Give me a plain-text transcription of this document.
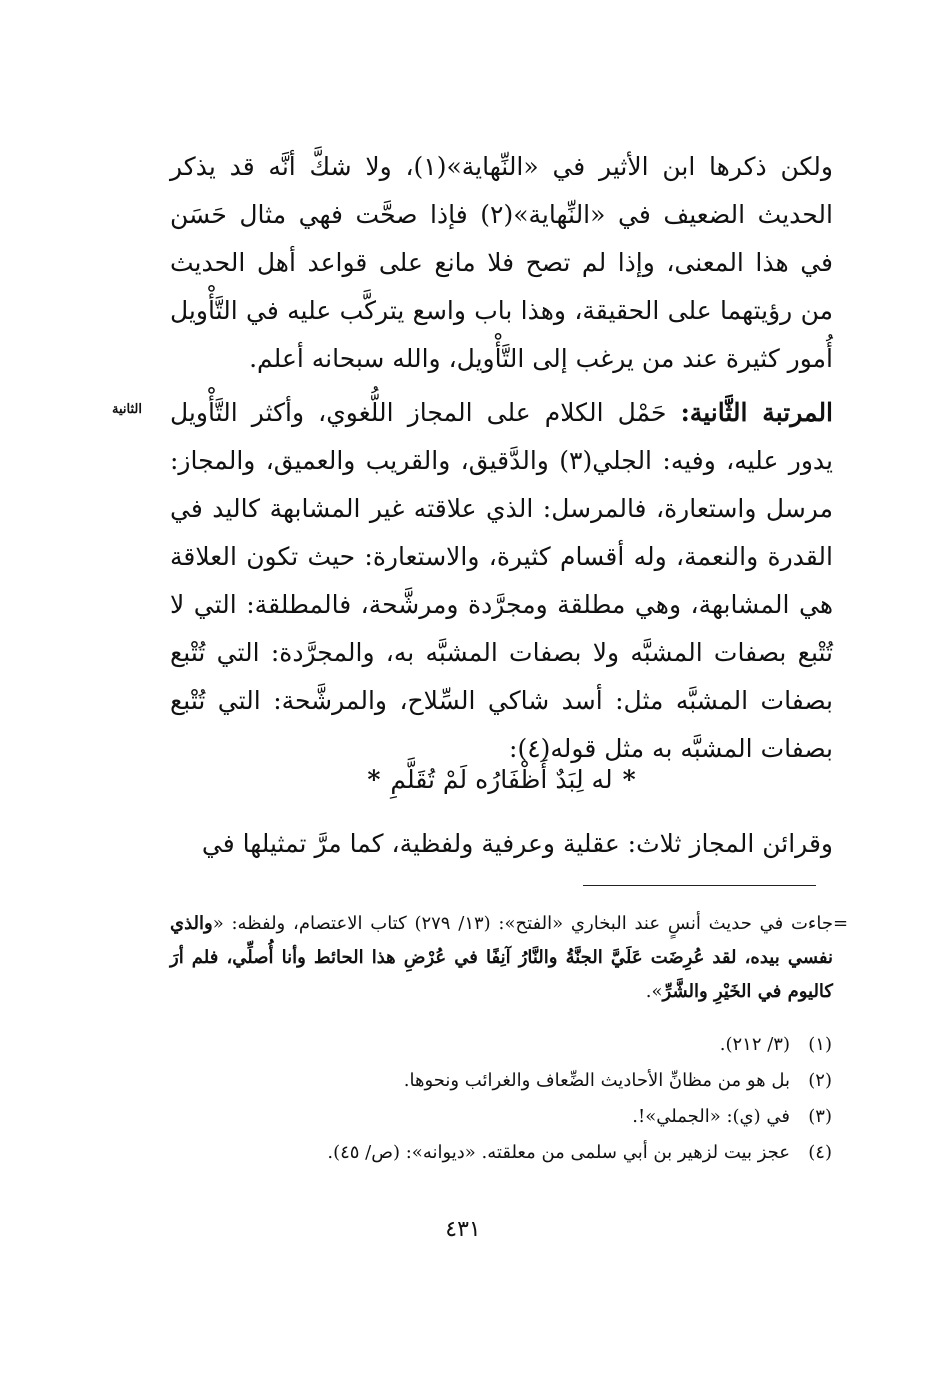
ولكن ذكرها ابن الأثير في «النِّهاية»(١)، ولا شكَّ أنَّه قد يذكر الحديث الضعيف في «النِّهاية»(٢) فإذا صحَّت فهي مثال حَسَن في هذا المعنى، وإذا لم تصح فلا مانع على قواعد أهل الحديث من رؤيتهما على الحقيقة، وهذا باب واسع يتركَّب عليه في التَّأْويل أُمور كثيرة عند من يرغب إلى التَّأْويل، والله سبحانه أعلم.

الثانية	المرتبة الثَّانية: حَمْل الكلام على المجاز اللُّغوي، وأكثر التَّأْويل يدور عليه، وفيه: الجلي(٣) والدَّقيق، والقريب والعميق، والمجاز: مرسل واستعارة، فالمرسل: الذي علاقته غير المشابهة كاليد في القدرة والنعمة، وله أقسام كثيرة، والاستعارة: حيث تكون العلاقة هي المشابهة، وهي مطلقة ومجرَّدة ومرشَّحة، فالمطلقة: التي لا تُتْبع بصفات المشبَّه ولا بصفات المشبَّه به، والمجرَّدة: التي تُتْبع بصفات المشبَّه مثل: أسد شاكي السِّلاح، والمرشَّحة: التي تُتْبع بصفات المشبَّه به مثل قوله(٤):

*له لِبَدٌ أَظْفَارُه لَمْ تُقَلَّمِ*

وقرائن المجاز ثلاث: عقلية وعرفية ولفظية، كما مرَّ تمثيلها في

=

جاءت في حديث أنسٍ عند البخاري «الفتح»: (١٣/ ٢٧٩) كتاب الاعتصام، ولفظه: «والذي نفسي بيده، لقد عُرِضَت عَلَيَّ الجنَّةُ والنَّارُ آنِفًا في عُرْضِ هذا الحائط وأنا أُصلِّي، فلم أرَ كاليوم في الخَيْرِ والشَّرِّ».

(١)(٣/ ٢١٢).
(٢)بل هو من مظانِّ الأحاديث الضِّعاف والغرائب ونحوها.
(٣)في (ي): «الجملي»!.
(٤)عجز بيت لزهير بن أبي سلمى من معلقته. «ديوانه»: (ص/ ٤٥).
٤٣١
